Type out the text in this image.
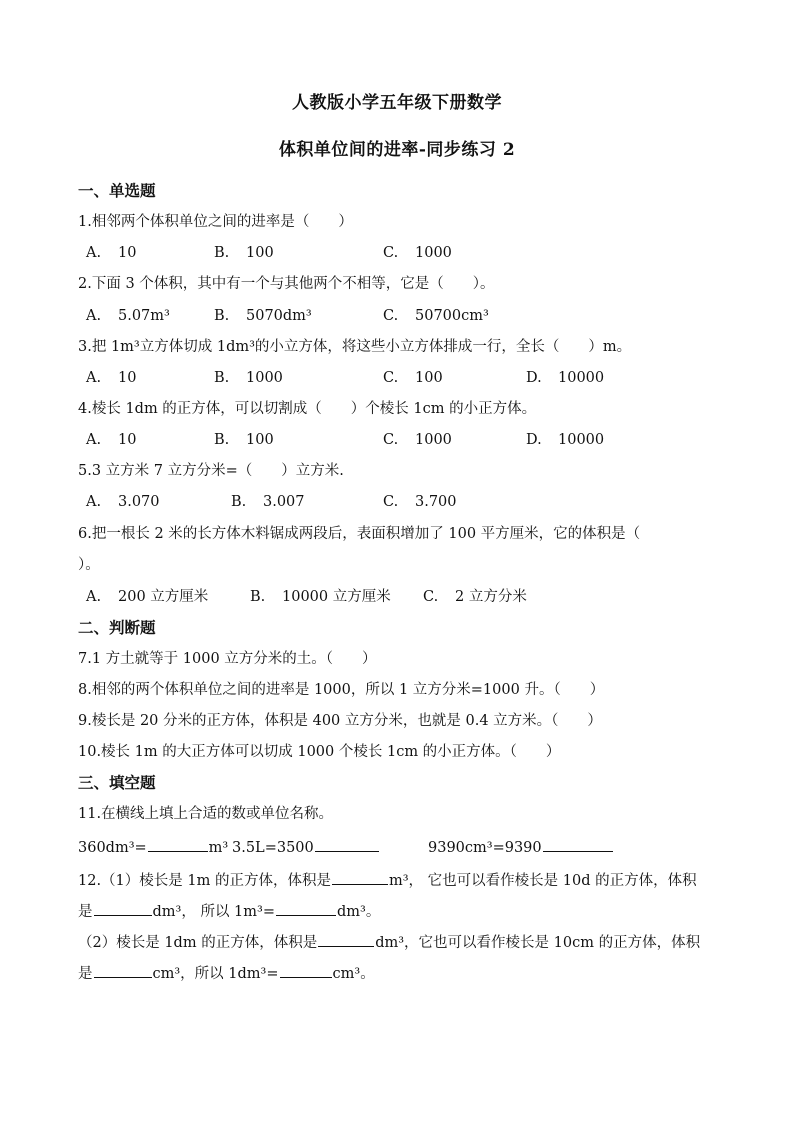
人教版小学五年级下册数学
体积单位间的进率-同步练习 2
一、单选题
1.相邻两个体积单位之间的进率是（　　）
A. 10	B. 100	C. 1000
2.下面 3 个体积，其中有一个与其他两个不相等，它是（　　）。
A. 5.07m³	B. 5070dm³	C. 50700cm³
3.把 1m³立方体切成 1dm³的小立方体，将这些小立方体排成一行，全长（　　）m。
A. 10	B. 1000	C. 100	D. 10000
4.棱长 1dm 的正方体，可以切割成（　　）个棱长 1cm 的小正方体。
A. 10	B. 100	C. 1000	D. 10000
5.3 立方米 7 立方分米=（　　）立方米.
A. 3.070	B. 3.007	C. 3.700
6.把一根长 2 米的长方体木料锯成两段后，表面积增加了 100 平方厘米，它的体积是（
）。
A. 200 立方厘米	B. 10000 立方厘米 C. 2 立方分米
二、判断题
7.1 方土就等于 1000 立方分米的土。（　　）
8.相邻的两个体积单位之间的进率是 1000，所以 1 立方分米=1000 升。（　　）
9.棱长是 20 分米的正方体，体积是 400 立方分米，也就是 0.4 立方米。（　　）
10.棱长 1m 的大正方体可以切成 1000 个棱长 1cm 的小正方体。（　　）
三、填空题
11.在横线上填上合适的数或单位名称。
360dm³=	m³ 3.5L=3500	9390cm³=9390
12.（1）棱长是 1m 的正方体，体积是	m³， 它也可以看作棱长是 10d 的正方体，体积
是	dm³， 所以 1m³=	dm³。
（2）棱长是 1dm 的正方体，体积是	dm³，它也可以看作棱长是 10cm 的正方体，体积
是	cm³，所以 1dm³=	cm³。
